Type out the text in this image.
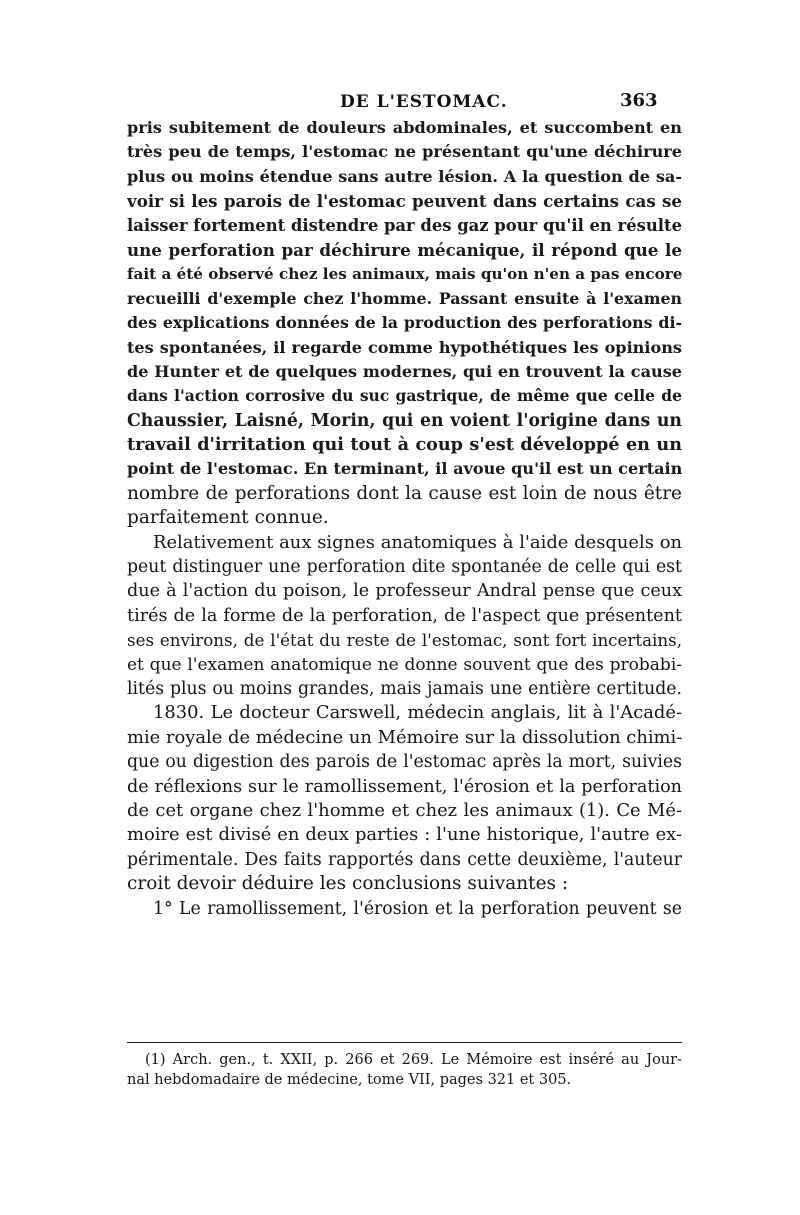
DE L'ESTOMAC.	363
pris subitement de douleurs abdominales, et succombent en
très peu de temps, l'estomac ne présentant qu'une déchirure
plus ou moins étendue sans autre lésion. A la question de sa-
voir si les parois de l'estomac peuvent dans certains cas se
laisser fortement distendre par des gaz pour qu'il en résulte
une perforation par déchirure mécanique, il répond que le
fait a été observé chez les animaux, mais qu'on n'en a pas encore
recueilli d'exemple chez l'homme. Passant ensuite à l'examen
des explications données de la production des perforations di-
tes spontanées, il regarde comme hypothétiques les opinions
de Hunter et de quelques modernes, qui en trouvent la cause
dans l'action corrosive du suc gastrique, de même que celle de
Chaussier, Laisné, Morin, qui en voient l'origine dans un
travail d'irritation qui tout à coup s'est développé en un
point de l'estomac. En terminant, il avoue qu'il est un certain
nombre de perforations dont la cause est loin de nous être
parfaitement connue.
Relativement aux signes anatomiques à l'aide desquels on
peut distinguer une perforation dite spontanée de celle qui est
due à l'action du poison, le professeur Andral pense que ceux
tirés de la forme de la perforation, de l'aspect que présentent
ses environs, de l'état du reste de l'estomac, sont fort incertains,
et que l'examen anatomique ne donne souvent que des probabi-
lités plus ou moins grandes, mais jamais une entière certitude.
1830. Le docteur Carswell, médecin anglais, lit à l'Acadé-
mie royale de médecine un Mémoire sur la dissolution chimi-
que ou digestion des parois de l'estomac après la mort, suivies
de réflexions sur le ramollissement, l'érosion et la perforation
de cet organe chez l'homme et chez les animaux (1). Ce Mé-
moire est divisé en deux parties : l'une historique, l'autre ex-
périmentale. Des faits rapportés dans cette deuxième, l'auteur
croit devoir déduire les conclusions suivantes :
1° Le ramollissement, l'érosion et la perforation peuvent se
(1) Arch. gen., t. XXII, p. 266 et 269. Le Mémoire est inséré au Jour-
nal hebdomadaire de médecine, tome VII, pages 321 et 305.
